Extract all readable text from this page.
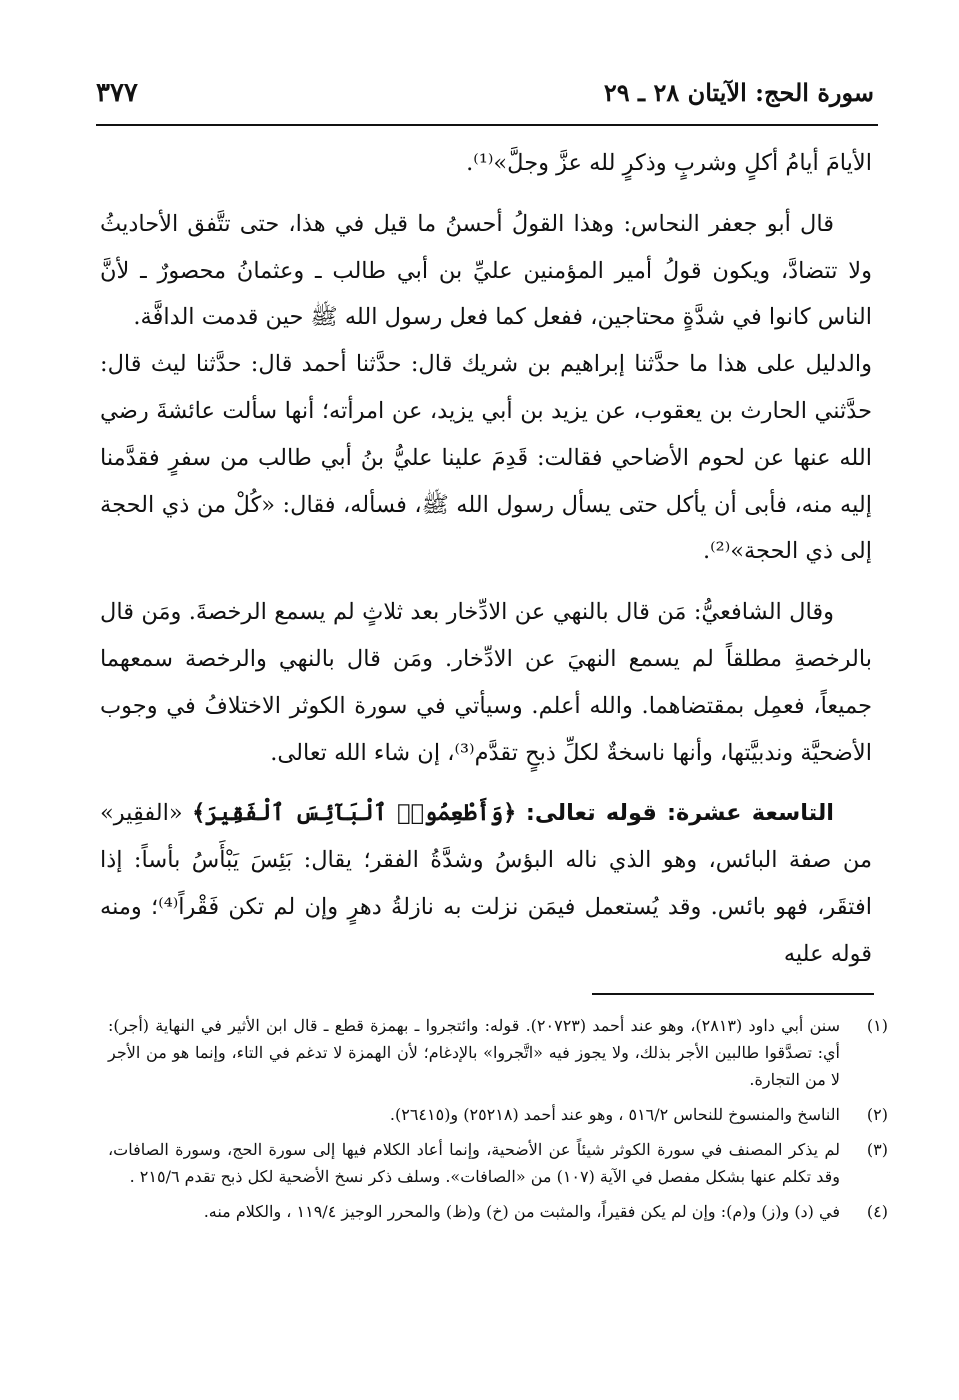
سورة الحج: الآيتان ٢٨ ـ ٢٩
٣٧٧

الأيامَ أيامُ أكلٍ وشربٍ وذكرٍ لله عزَّ وجلَّ»⁽¹⁾.

قال أبو جعفر النحاس: وهذا القولُ أحسنُ ما قيل في هذا، حتى تتَّفق الأحاديثُ ولا تتضادَّ، ويكون قولُ أمير المؤمنين عليِّ بن أبي طالب ـ وعثمانُ محصورٌ ـ لأنَّ الناس كانوا في شدَّةٍ محتاجين، ففعل كما فعل رسول الله ﷺ حين قدمت الدافَّة.

والدليل على هذا ما حدَّثنا إبراهيم بن شريك قال: حدَّثنا أحمد قال: حدَّثنا ليث قال: حدَّثني الحارث بن يعقوب، عن يزيد بن أبي يزيد، عن امرأته؛ أنها سألت عائشةَ رضي الله عنها عن لحوم الأضاحي فقالت: قَدِمَ علينا عليُّ بنُ أبي طالب من سفرٍ فقدَّمنا إليه منه، فأبى أن يأكل حتى يسأل رسول الله ﷺ، فسأله، فقال: «كُلْ من ذي الحجة إلى ذي الحجة»⁽²⁾.

وقال الشافعيُّ: مَن قال بالنهي عن الادِّخار بعد ثلاثٍ لم يسمع الرخصةَ. ومَن قال بالرخصةِ مطلقاً لم يسمع النهيَ عن الادِّخار. ومَن قال بالنهي والرخصة سمعهما جميعاً، فعمِل بمقتضاهما. والله أعلم. وسيأتي في سورة الكوثر الاختلافُ في وجوب الأضحيَّة وندبيَّتها، وأنها ناسخةٌ لكلِّ ذبحٍ تقدَّم⁽³⁾، إن شاء الله تعالى.

التاسعة عشرة: قوله تعالى: ﴿وَأَطْعِمُوا۟ ٱلْبَآئِسَ ٱلْفَقِيرَ﴾ «الفقِير» من صفة البائس، وهو الذي ناله البؤسُ وشدَّةُ الفقر؛ يقال: بَئِسَ يَبْأَسُ بأساً: إذا افتقَر، فهو بائس. وقد يُستعمل فيمَن نزلت به نازلةُ دهرٍ وإن لم تكن فَقْراً⁽⁴⁾؛ ومنه قوله عليه

(١)
سنن أبي داود (٢٨١٣)، وهو عند أحمد (٢٠٧٢٣). قوله: وائتجروا ـ بهمزة قطع ـ قال ابن الأثير في النهاية (أجر): أي: تصدَّقوا طالبين الأجر بذلك، ولا يجوز فيه «اتَّجروا» بالإدغام؛ لأن الهمزة لا تدغم في التاء، وإنما هو من الأجر لا من التجارة.
(٢)
الناسخ والمنسوخ للنحاس ٥١٦/٢ ، وهو عند أحمد (٢٥٢١٨) و(٢٦٤١٥).
(٣)
لم يذكر المصنف في سورة الكوثر شيئاً عن الأضحية، وإنما أعاد الكلام فيها إلى سورة الحج، وسورة الصافات، وقد تكلم عنها بشكل مفصل في الآية (١٠٧) من «الصافات». وسلف ذكر نسخ الأضحية لكل ذبح تقدم ٢١٥/٦ .
(٤)
في (د) و(ز) و(م): وإن لم يكن فقيراً، والمثبت من (خ) و(ظ) والمحرر الوجيز ١١٩/٤ ، والكلام منه.
